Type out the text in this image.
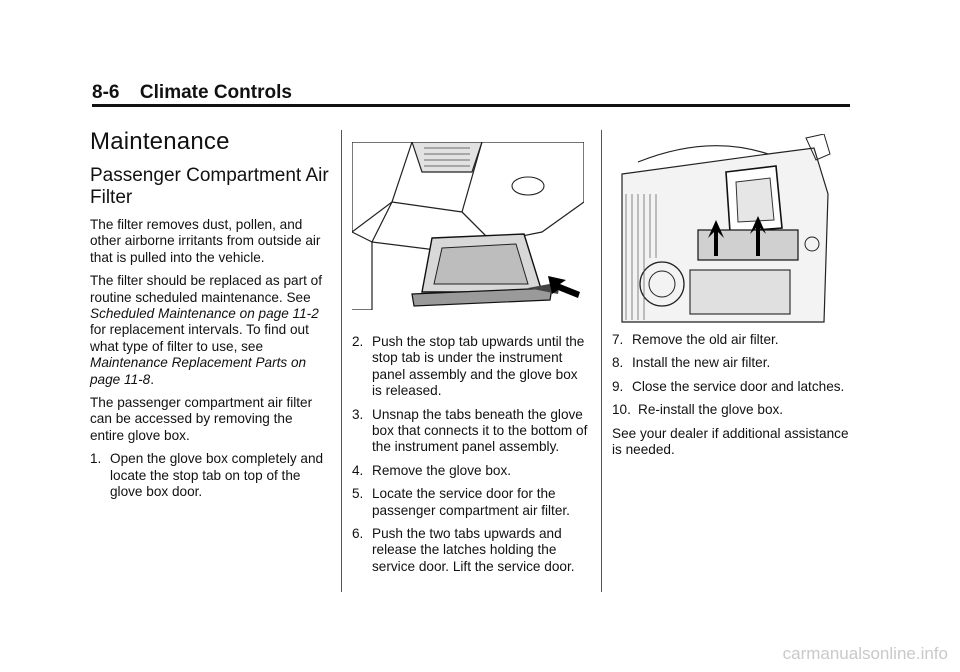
8-6 Climate Controls
Maintenance
Passenger Compartment Air Filter

The filter removes dust, pollen, and other airborne irritants from outside air that is pulled into the vehicle.

The filter should be replaced as part of routine scheduled maintenance. See Scheduled Maintenance on page 11-2 for replacement intervals. To find out what type of filter to use, see Maintenance Replacement Parts on page 11-8.

The passenger compartment air filter can be accessed by removing the entire glove box.

1. Open the glove box completely and locate the stop tab on top of the glove box door.
2. Push the stop tab upwards until the stop tab is under the instrument panel assembly and the glove box is released.
3. Unsnap the tabs beneath the glove box that connects it to the bottom of the instrument panel assembly.
4. Remove the glove box.
5. Locate the service door for the passenger compartment air filter.
6. Push the two tabs upwards and release the latches holding the service door. Lift the service door.
7. Remove the old air filter.
8. Install the new air filter.
9. Close the service door and latches.
10. Re-install the glove box.

See your dealer if additional assistance is needed.

carmanualsonline.info
